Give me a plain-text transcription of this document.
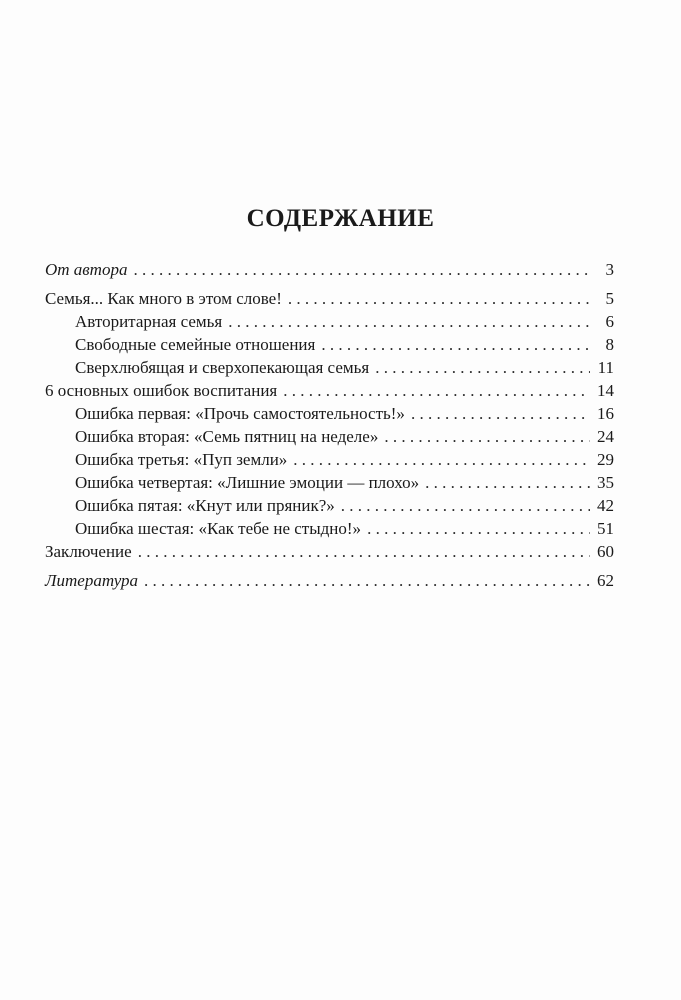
СОДЕРЖАНИЕ
От автора . . .	3
Семья... Как много в этом слове! . . .	5
Авторитарная семья . . .	6
Свободные семейные отношения . . .	8
Сверхлюбящая и сверхопекающая семья . . .	11
6 основных ошибок воспитания . . .	14
Ошибка первая: «Прочь самостоятельность!» . . .	16
Ошибка вторая: «Семь пятниц на неделе» . . .	24
Ошибка третья: «Пуп земли» . . .	29
Ошибка четвертая: «Лишние эмоции — плохо» . . .	35
Ошибка пятая: «Кнут или пряник?» . . .	42
Ошибка шестая: «Как тебе не стыдно!» . . .	51
Заключение . . .	60
Литература . . .	62
